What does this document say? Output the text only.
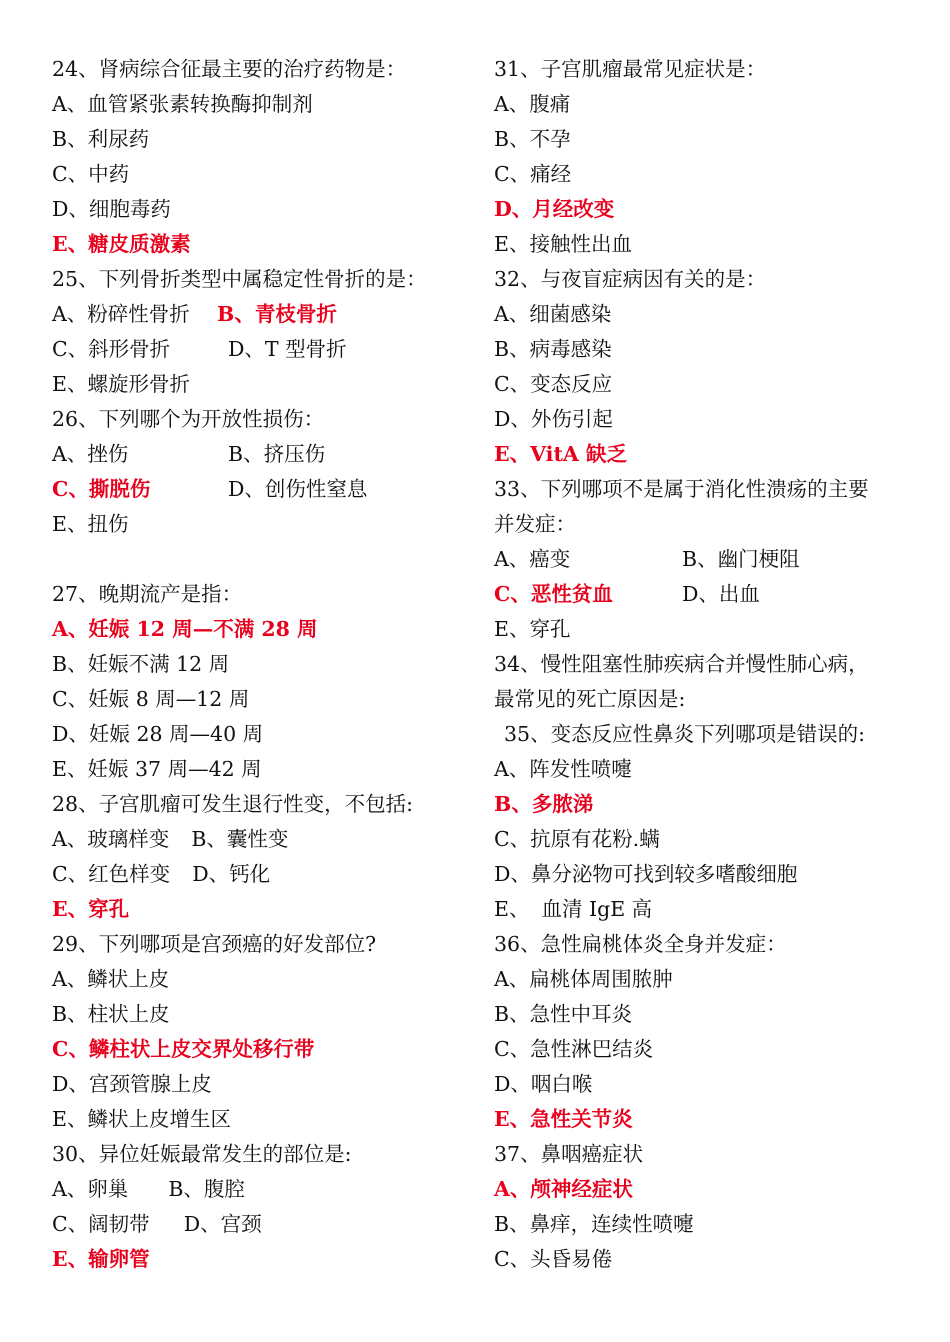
24、肾病综合征最主要的治疗药物是：
A、血管紧张素转换酶抑制剂
B、利尿药
C、中药
D、细胞毒药
E、糖皮质激素
25、下列骨折类型中属稳定性骨折的是：
A、粉碎性骨折 B、青枝骨折
C、斜形骨折	D、T 型骨折
E、螺旋形骨折
26、下列哪个为开放性损伤：
A、挫伤	B、挤压伤
C、撕脱伤	D、创伤性窒息
E、扭伤
27、晚期流产是指：
A、妊娠 12 周—不满 28 周
B、妊娠不满 12 周
C、妊娠 8 周—12 周
D、妊娠 28 周—40 周
E、妊娠 37 周—42 周
28、子宫肌瘤可发生退行性变，不包括:
A、玻璃样变 B、囊性变
C、红色样变 D、钙化
E、穿孔
29、下列哪项是宫颈癌的好发部位?
A、鳞状上皮
B、柱状上皮
C、鳞柱状上皮交界处移行带
D、宫颈管腺上皮
E、鳞状上皮增生区
30、异位妊娠最常发生的部位是:
A、卵巢 B、腹腔
C、阔韧带 D、宫颈
E、输卵管
31、子宫肌瘤最常见症状是：
A、腹痛
B、不孕
C、痛经
D、月经改变
E、接触性出血
32、与夜盲症病因有关的是：
A、细菌感染
B、病毒感染
C、变态反应
D、外伤引起
E、VitA 缺乏
33、下列哪项不是属于消化性溃疡的主要
并发症：
A、癌变	B、幽门梗阻
C、恶性贫血	D、出血
E、穿孔
34、慢性阻塞性肺疾病合并慢性肺心病，
最常见的死亡原因是:
35、变态反应性鼻炎下列哪项是错误的:
A、阵发性喷嚏
B、多脓涕
C、抗原有花粉.螨
D、鼻分泌物可找到较多嗜酸细胞
E、 血清 IgE 高
36、急性扁桃体炎全身并发症：
A、扁桃体周围脓肿
B、急性中耳炎
C、急性淋巴结炎
D、咽白喉
E、急性关节炎
37、鼻咽癌症状
A、颅神经症状
B、鼻痒，连续性喷嚏
C、头昏易倦
